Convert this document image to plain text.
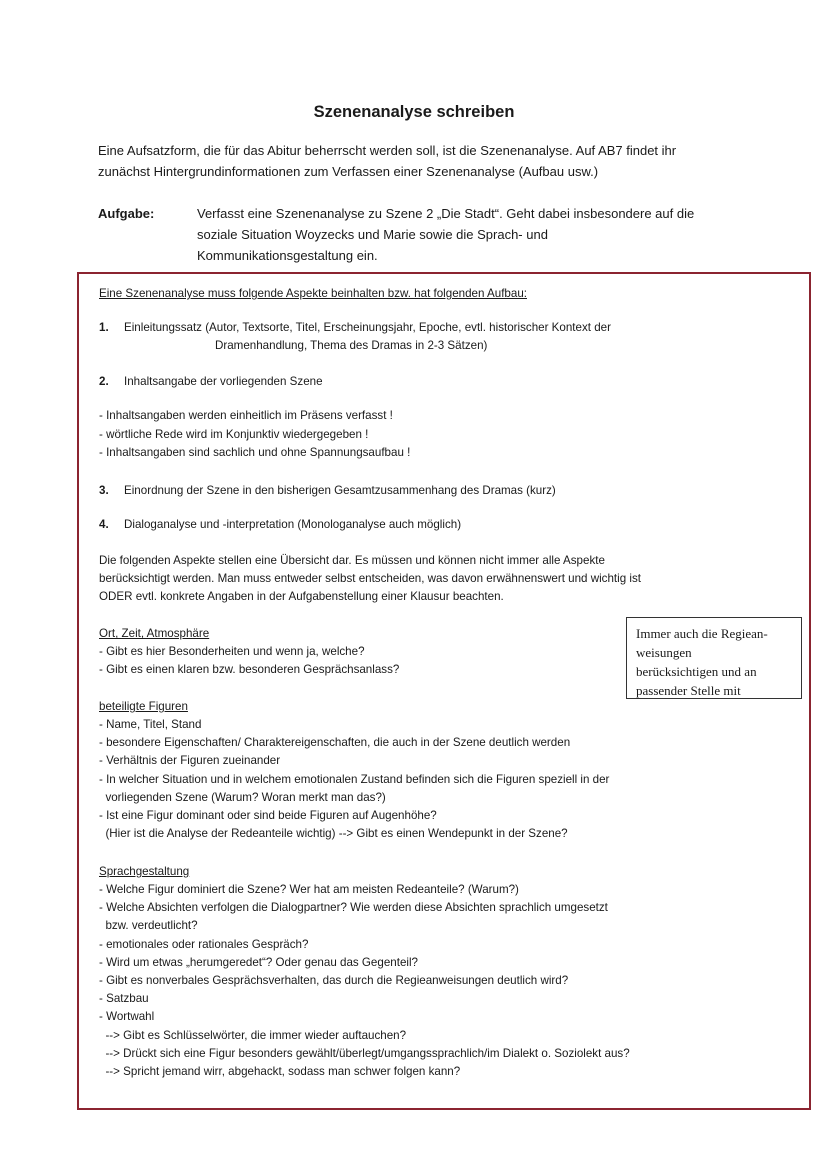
Szenenanalyse schreiben
Eine Aufsatzform, die für das Abitur beherrscht werden soll, ist die Szenenanalyse. Auf AB7 findet ihr
zunächst Hintergrundinformationen zum Verfassen einer Szenenanalyse (Aufbau usw.)
Aufgabe:	Verfasst eine Szenenanalyse zu Szene 2 „Die Stadt“. Geht dabei insbesondere auf die
soziale Situation Woyzecks und Marie sowie die Sprach- und
Kommunikationsgestaltung ein.
Eine Szenenanalyse muss folgende Aspekte beinhalten bzw. hat folgenden Aufbau:
1. Einleitungssatz (Autor, Textsorte, Titel, Erscheinungsjahr, Epoche, evtl. historischer Kontext der
Dramenhandlung, Thema des Dramas in 2-3 Sätzen)
2. Inhaltsangabe der vorliegenden Szene
- Inhaltsangaben werden einheitlich im Präsens verfasst !
- wörtliche Rede wird im Konjunktiv wiedergegeben !
- Inhaltsangaben sind sachlich und ohne Spannungsaufbau !
3. Einordnung der Szene in den bisherigen Gesamtzusammenhang des Dramas (kurz)
4. Dialoganalyse und -interpretation (Monologanalyse auch möglich)
Die folgenden Aspekte stellen eine Übersicht dar. Es müssen und können nicht immer alle Aspekte
berücksichtigt werden. Man muss entweder selbst entscheiden, was davon erwähnenswert und wichtig ist
ODER evtl. konkrete Angaben in der Aufgabenstellung einer Klausur beachten.
Ort, Zeit, Atmosphäre
- Gibt es hier Besonderheiten und wenn ja, welche?
- Gibt es einen klaren bzw. besonderen Gesprächsanlass?
beteiligte Figuren
- Name, Titel, Stand
- besondere Eigenschaften/ Charaktereigenschaften, die auch in der Szene deutlich werden
- Verhältnis der Figuren zueinander
- In welcher Situation und in welchem emotionalen Zustand befinden sich die Figuren speziell in der
vorliegenden Szene (Warum? Woran merkt man das?)
- Ist eine Figur dominant oder sind beide Figuren auf Augenhöhe?
(Hier ist die Analyse der Redeanteile wichtig) --> Gibt es einen Wendepunkt in der Szene?
Sprachgestaltung
- Welche Figur dominiert die Szene? Wer hat am meisten Redeanteile? (Warum?)
- Welche Absichten verfolgen die Dialogpartner? Wie werden diese Absichten sprachlich umgesetzt
bzw. verdeutlicht?
- emotionales oder rationales Gespräch?
- Wird um etwas „herumgeredet“? Oder genau das Gegenteil?
- Gibt es nonverbales Gesprächsverhalten, das durch die Regieanweisungen deutlich wird?
- Satzbau
- Wortwahl
--> Gibt es Schlüsselwörter, die immer wieder auftauchen?
--> Drückt sich eine Figur besonders gewählt/überlegt/umgangssprachlich/im Dialekt o. Soziolekt aus?
--> Spricht jemand wirr, abgehackt, sodass man schwer folgen kann?
Immer auch die Regiean-
weisungen
berücksichtigen und an
passender Stelle mit
